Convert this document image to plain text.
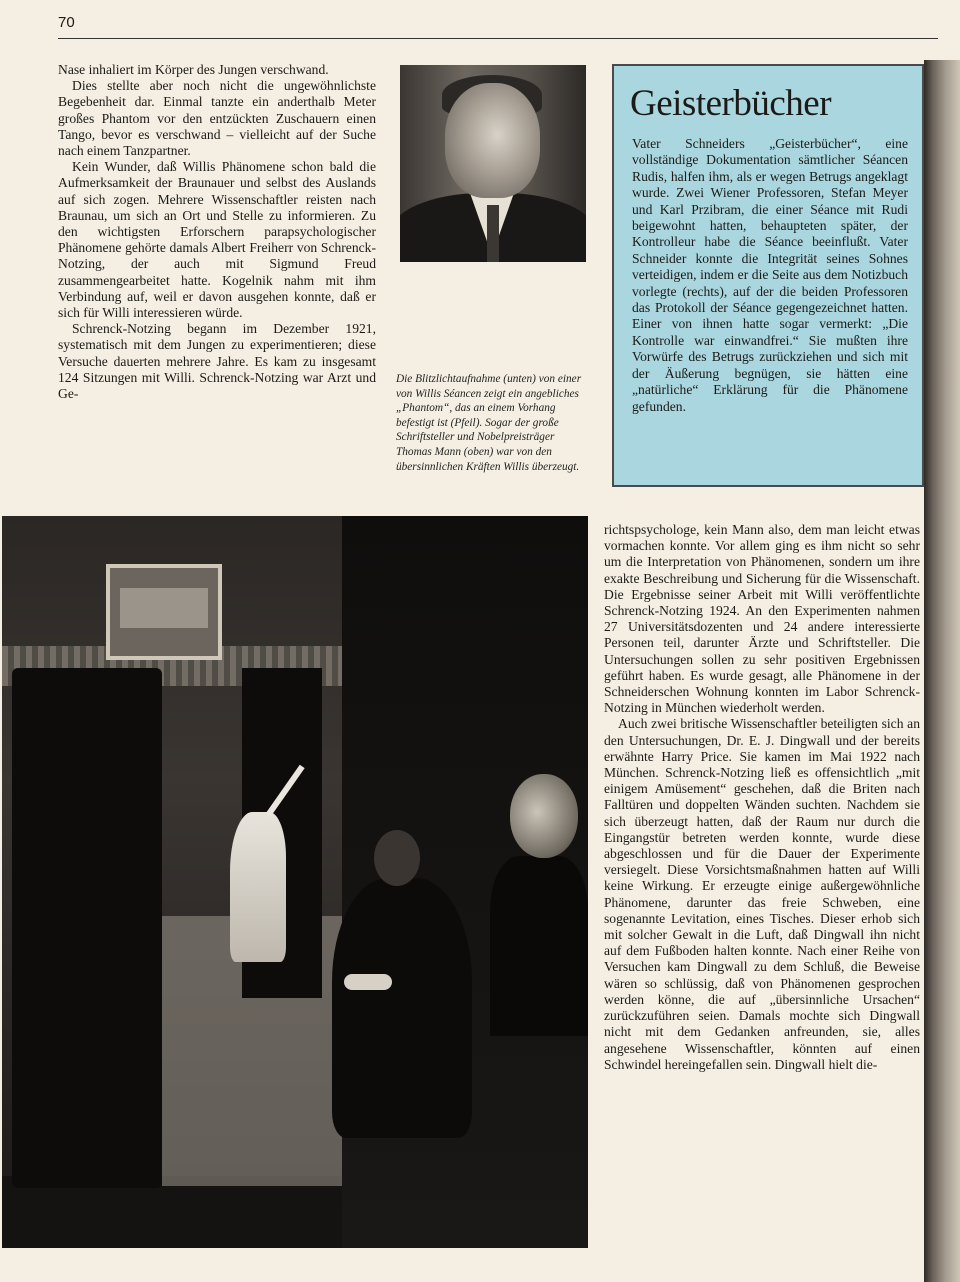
70

Nase inhaliert im Körper des Jungen verschwand.

Dies stellte aber noch nicht die ungewöhnlichste Begebenheit dar. Einmal tanzte ein anderthalb Meter großes Phantom vor den entzückten Zuschauern einen Tango, bevor es verschwand – vielleicht auf der Suche nach einem Tanzpartner.

Kein Wunder, daß Willis Phänomene schon bald die Aufmerksamkeit der Braunauer und selbst des Auslands auf sich zogen. Mehrere Wissenschaftler reisten nach Braunau, um sich an Ort und Stelle zu informieren. Zu den wichtigsten Erforschern parapsychologischer Phänomene gehörte damals Albert Freiherr von Schrenck-Notzing, der auch mit Sigmund Freud zusammengearbeitet hatte. Kogelnik nahm mit ihm Verbindung auf, weil er davon ausgehen konnte, daß er sich für Willi interessieren würde.

Schrenck-Notzing begann im Dezember 1921, systematisch mit dem Jungen zu experimentieren; diese Versuche dauerten mehrere Jahre. Es kam zu insgesamt 124 Sitzungen mit Willi. Schrenck-Notzing war Arzt und Ge-

Die Blitzlichtaufnahme (unten) von einer von Willis Séancen zeigt ein angebliches „Phantom“, das an einem Vorhang befestigt ist (Pfeil). Sogar der große Schriftsteller und Nobelpreisträger Thomas Mann (oben) war von den übersinnlichen Kräften Willis überzeugt.
Geisterbücher
Vater Schneiders „Geisterbücher“, eine vollständige Dokumentation sämtlicher Séancen Rudis, halfen ihm, als er wegen Betrugs angeklagt wurde. Zwei Wiener Professoren, Stefan Meyer und Karl Przibram, die einer Séance mit Rudi beigewohnt hatten, behaupteten später, der Kontrolleur habe die Séance beeinflußt. Vater Schneider konnte die Integrität seines Sohnes verteidigen, indem er die Seite aus dem Notizbuch vorlegte (rechts), auf der die beiden Professoren das Protokoll der Séance gegengezeichnet hatten. Einer von ihnen hatte sogar vermerkt: „Die Kontrolle war einwandfrei.“ Sie mußten ihre Vorwürfe des Betrugs zurückziehen und sich mit der Äußerung begnügen, sie hätten eine „natürliche“ Erklärung für die Phänomene gefunden.

richtspsychologe, kein Mann also, dem man leicht etwas vormachen konnte. Vor allem ging es ihm nicht so sehr um die Interpretation von Phänomenen, sondern um ihre exakte Beschreibung und Sicherung für die Wissenschaft. Die Ergebnisse seiner Arbeit mit Willi veröffentlichte Schrenck-Notzing 1924. An den Experimenten nahmen 27 Universitätsdozenten und 24 andere interessierte Personen teil, darunter Ärzte und Schriftsteller. Die Untersuchungen sollen zu sehr positiven Ergebnissen geführt haben. Es wurde gesagt, alle Phänomene in der Schneiderschen Wohnung konnten im Labor Schrenck-Notzing in München wiederholt werden.

Auch zwei britische Wissenschaftler beteiligten sich an den Untersuchungen, Dr. E. J. Dingwall und der bereits erwähnte Harry Price. Sie kamen im Mai 1922 nach München. Schrenck-Notzing ließ es offensichtlich „mit einigem Amüsement“ geschehen, daß die Briten nach Falltüren und doppelten Wänden suchten. Nachdem sie sich überzeugt hatten, daß der Raum nur durch die Eingangstür betreten werden konnte, wurde diese abgeschlossen und für die Dauer der Experimente versiegelt. Diese Vorsichtsmaßnahmen hatten auf Willi keine Wirkung. Er erzeugte einige außergewöhnliche Phänomene, darunter das freie Schweben, eine sogenannte Levitation, eines Tisches. Dieser erhob sich mit solcher Gewalt in die Luft, daß Dingwall ihn nicht auf dem Fußboden halten konnte. Nach einer Reihe von Versuchen kam Dingwall zu dem Schluß, die Beweise wären so schlüssig, daß von Phänomenen gesprochen werden könne, die auf „übersinnliche Ursachen“ zurückzuführen seien. Damals mochte sich Dingwall nicht mit dem Gedanken anfreunden, sie, alles angesehene Wissenschaftler, könnten auf einen Schwindel hereingefallen sein. Dingwall hielt die-
